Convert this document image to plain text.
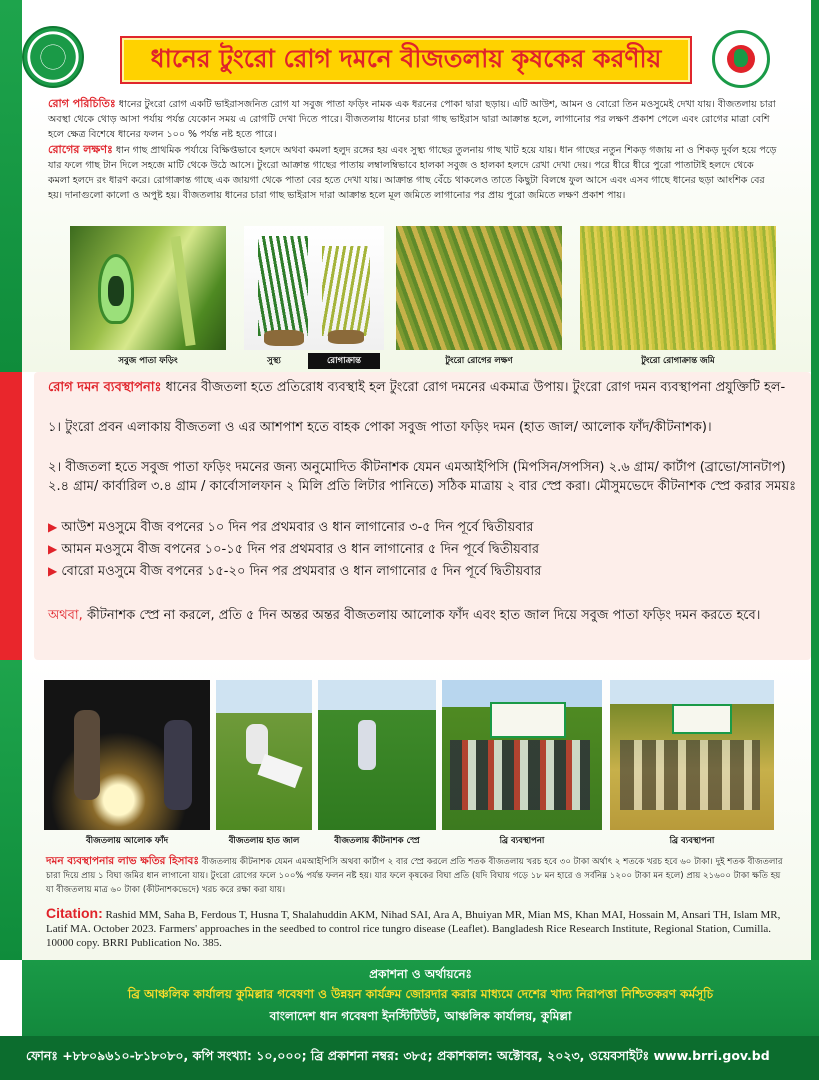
ধানের টুংরো রোগ দমনে বীজতলায় কৃষকের করণীয়
রোগ পরিচিতিঃ ধানের টুংরো রোগ একটি ভাইরাসজনিত রোগ যা সবুজ পাতা ফড়িং নামক এক ধরনের পোকা দ্বারা ছড়ায়। এটি আউশ, আমন ও বোরো তিন মওসুমেই দেখা যায়। বীজতলায় চারা অবস্থা থেকে থোড় আসা পর্যায় পর্যন্ত যেকোন সময় এ রোগটি দেখা দিতে পারে। বীজতলায় ধানের চারা গাছ ভাইরাস দ্বারা আক্রান্ত হলে, লাগানোর পর লক্ষণ প্রকাশ পেলে এবং রোগের মাত্রা বেশি হলে ক্ষেত্র বিশেষে ধানের ফলন ১০০ % পর্যন্ত নষ্ট হতে পারে।
রোগের লক্ষণঃ ধান গাছ প্রাথমিক পর্যায়ে বিক্ষিপ্তভাবে হলদে অথবা কমলা হলুদ রঙ্গের হয় এবং সুস্থ্য গাছের তুলনায় গাছ খাট হয়ে যায়। ধান গাছের নতুন শিকড় গজায় না ও শিকড় দুর্বল হয়ে পড়ে যার ফলে গাছ টান দিলে সহজে মাটি থেকে উঠে আসে। টুংরো আক্রান্ত গাছের পাতায় লম্বালম্বিভাবে হালকা সবুজ ও হালকা হলদে রেখা দেখা দেয়। পরে ধীরে ধীরে পুরো পাতাটাই হলদে থেকে কমলা হলদে রং ধারণ করে। রোগাক্রান্ত গাছে এক জায়গা থেকে পাতা বের হতে দেখা যায়। আক্রান্ত গাছ বেঁচে থাকলেও তাতে কিছুটা বিলম্বে ফুল আসে এবং এসব গাছে ধানের ছড়া আংশিক বের হয়। দানাগুলো কালো ও অপুষ্ট হয়। বীজতলায় ধানের চারা গাছ ভাইরাস দারা আক্রান্ত হলে মূল জমিতে লাগানোর পর প্রায় পুরো জমিতে লক্ষণ প্রকাশ পায়।
সবুজ পাতা ফড়িং	সুস্থ্য	রোগাক্রান্ত	টুংরো রোগের লক্ষণ	টুংরো রোগাক্রান্ত জমি
রোগ দমন ব্যবস্থাপনাঃ ধানের বীজতলা হতে প্রতিরোধ ব্যবস্থাই হল টুংরো রোগ দমনের একমাত্র উপায়। টুংরো রোগ দমন ব্যবস্থাপনা প্রযুক্তিটি হল-
১। টুংরো প্রবন এলাকায় বীজতলা ও এর আশপাশ হতে বাহক পোকা সবুজ পাতা ফড়িং দমন (হাত জাল/ আলোক ফাঁদ/কীটনাশক)।
২। বীজতলা হতে সবুজ পাতা ফড়িং দমনের জন্য অনুমোদিত কীটনাশক যেমন এমআইপিসি (মিপসিন/সপসিন) ২.৬ গ্রাম/ কার্টাপ (ব্রাভো/সানটাপ) ২.৪ গ্রাম/ কার্বারিল ৩.৪ গ্রাম / কার্বোসালফান ২ মিলি প্রতি লিটার পানিতে) সঠিক মাত্রায় ২ বার স্প্রে করা। মৌসুমভেদে কীটনাশক স্প্রে করার সময়ঃ
▶ আউশ মওসুমে বীজ বপনের ১০ দিন পর প্রথমবার ও ধান লাগানোর ৩-৫ দিন পূর্বে দ্বিতীয়বার
▶ আমন মওসুমে বীজ বপনের ১০-১৫ দিন পর প্রথমবার ও ধান লাগানোর ৫ দিন পূর্বে দ্বিতীয়বার
▶ বোরো মওসুমে বীজ বপনের ১৫-২০ দিন পর প্রথমবার ও ধান লাগানোর ৫ দিন পূর্বে দ্বিতীয়বার
অথবা, কীটনাশক স্প্রে না করলে, প্রতি ৫ দিন অন্তর অন্তর বীজতলায় আলোক ফাঁদ এবং হাত জাল দিয়ে সবুজ পাতা ফড়িং দমন করতে হবে।
বীজতলায় আলোক ফাঁদ	বীজতলায় হাত জাল	বীজতলায় কীটনাশক স্প্রে	ব্রি ব্যবস্থাপনা	ব্রি ব্যবস্থাপনা
দমন ব্যবস্থাপনার লাভ ক্ষতির হিসাবঃ বীজতলায় কীটনাশক যেমন এমআইপিসি অথবা কার্টাপ ২ বার স্প্রে করলে প্রতি শতক বীজতলায় খরচ হবে ৩০ টাকা অর্থাৎ ২ শতকে খরচ হবে ৬০ টাকা। দুই শতক বীজতলার চারা দিয়ে প্রায় ১ বিঘা জমির ধান লাগানো যায়। টুংরো রোগের ফলে ১০০% পর্যন্ত ফলন নষ্ট হয়। যার ফলে কৃষকের বিঘা প্রতি (যদি বিঘায় গড়ে ১৮ মন হারে ও সর্বনিম্ন ১২০০ টাকা মন হলে) প্রায় ২১৬০০ টাকা ক্ষতি হয় যা বীজতলায় মাত্র ৬০ টাকা (কীটনাশকভেদে) খরচ করে রক্ষা করা যায়।
Citation: Rashid MM, Saha B, Ferdous T, Husna T, Shalahuddin AKM, Nihad SAI, Ara A, Bhuiyan MR, Mian MS, Khan MAI, Hossain M, Ansari TH, Islam MR, Latif MA. October 2023. Farmers' approaches in the seedbed to control rice tungro disease (Leaflet). Bangladesh Rice Research Institute, Regional Station, Cumilla. 10000 copy. BRRI Publication No. 385.
প্রকাশনা ও অর্থায়নেঃ
ব্রি আঞ্চলিক কার্যালয় কুমিল্লার গবেষণা ও উন্নয়ন কার্যক্রম জোরদার করার মাধ্যমে দেশের খাদ্য নিরাপত্তা নিশ্চিতকরণ কর্মসূচি
বাংলাদেশ ধান গবেষণা ইনস্টিটিউট, আঞ্চলিক কার্যালয়, কুমিল্লা
ফোনঃ +৮৮০৯৬১০-৮১৮০৮০, কপি সংখ্যা: ১০,০০০; ব্রি প্রকাশনা নম্বর: ৩৮৫; প্রকাশকাল: অক্টোবর, ২০২৩, ওয়েবসাইটঃ www.brri.gov.bd
